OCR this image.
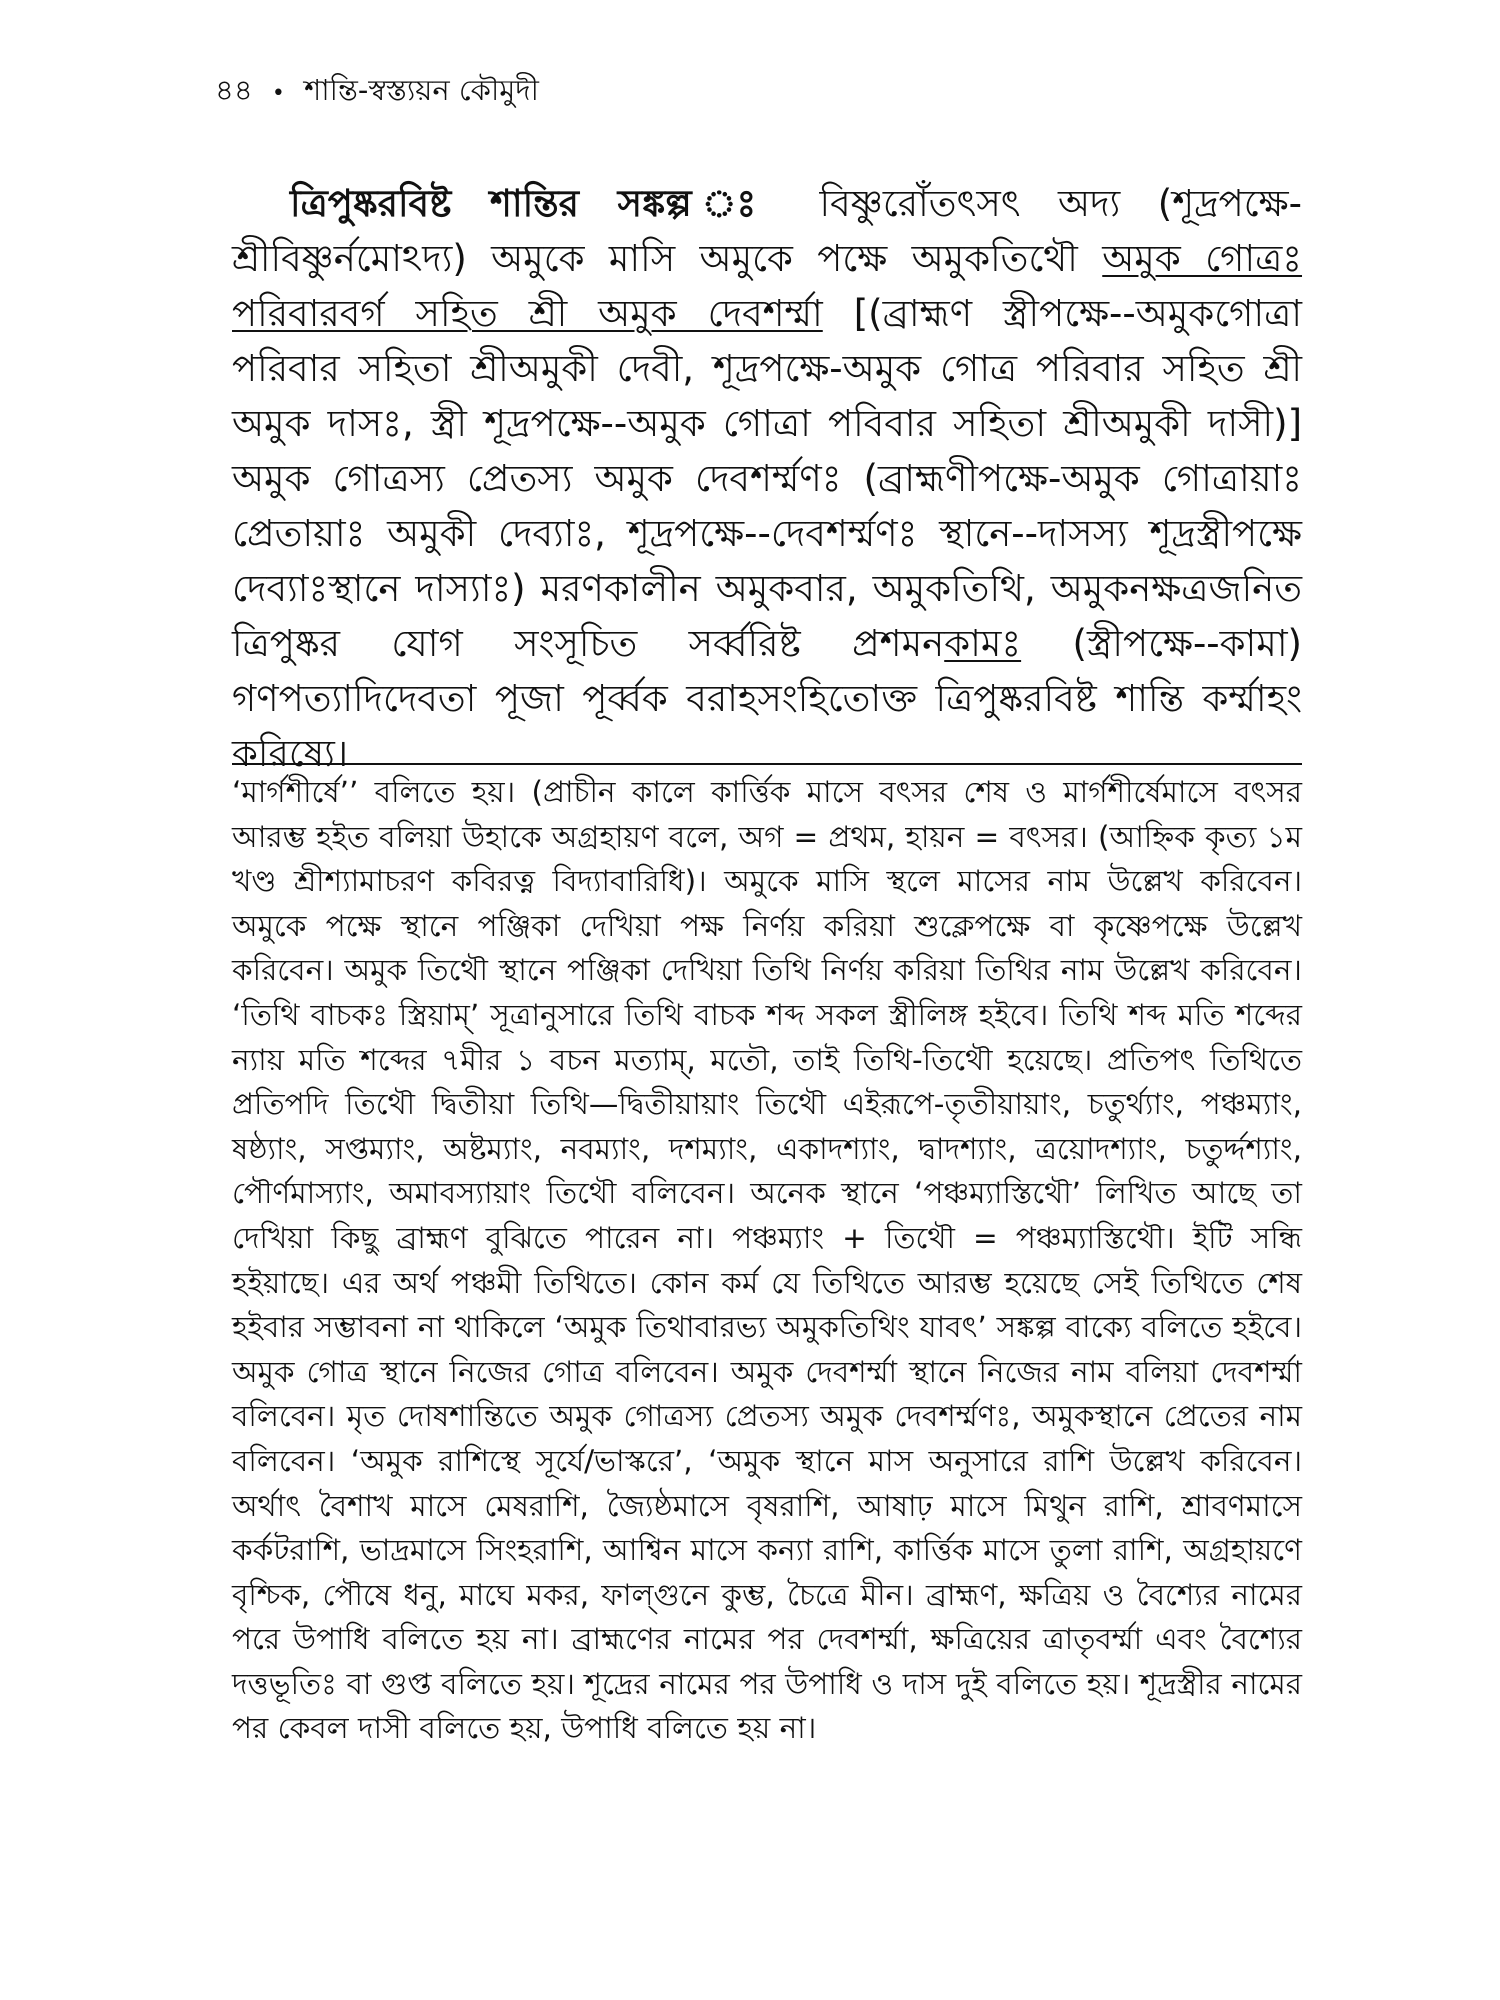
৪৪ • শান্তি-স্বস্ত্যয়ন কৌমুদী

ত্রিপুষ্করবিষ্ট শান্তির সঙ্কল্প ঃ বিষ্ণুরোঁতৎসৎ অদ্য (শূদ্রপক্ষে-শ্রীবিষ্ণুর্নমোঽদ্য) অমুকে মাসি অমুকে পক্ষে অমুকতিথৌ অমুক গোত্রঃ পরিবারবর্গ সহিত শ্রী অমুক দেবশর্ম্মা [(ব্রাহ্মণ স্ত্রীপক্ষে--অমুকগোত্রা পরিবার সহিতা শ্রীঅমুকী দেবী, শূদ্রপক্ষে-অমুক গোত্র পরিবার সহিত শ্রী অমুক দাসঃ, স্ত্রী শূদ্রপক্ষে--অমুক গোত্রা পবিবার সহিতা শ্রীঅমুকী দাসী)] অমুক গোত্রস্য প্রেতস্য অমুক দেবশর্ম্মণঃ (ব্রাহ্মণীপক্ষে-অমুক গোত্রায়াঃ প্রেতায়াঃ অমুকী দেব্যাঃ, শূদ্রপক্ষে--দেবশর্ম্মণঃ স্থানে--দাসস্য শূদ্রস্ত্রীপক্ষে দেব্যাঃস্থানে দাস্যাঃ) মরণকালীন অমুকবার, অমুকতিথি, অমুকনক্ষত্রজনিত ত্রিপুষ্কর যোগ সংসূচিত সর্ব্বরিষ্ট প্রশমনকামঃ (স্ত্রীপক্ষে--কামা) গণপত্যাদিদেবতা পূজা পূর্ব্বক বরাহসংহিতোক্ত ত্রিপুষ্করবিষ্ট শান্তি কর্ম্মাহং করিষ্যে।

‘মার্গশীর্ষে’’ বলিতে হয়। (প্রাচীন কালে কার্ত্তিক মাসে বৎসর শেষ ও মার্গশীর্ষেমাসে বৎসর আরম্ভ হইত বলিয়া উহাকে অগ্রহায়ণ বলে, অগ = প্রথম, হায়ন = বৎসর। (আহ্নিক কৃত্য ১ম খণ্ড শ্রীশ্যামাচরণ কবিরত্ন বিদ্যাবারিধি)। অমুকে মাসি স্থলে মাসের নাম উল্লেখ করিবেন। অমুকে পক্ষে স্থানে পঞ্জিকা দেখিয়া পক্ষ নির্ণয় করিয়া শুক্লেপক্ষে বা কৃষ্ণেপক্ষে উল্লেখ করিবেন। অমুক তিথৌ স্থানে পঞ্জিকা দেখিয়া তিথি নির্ণয় করিয়া তিথির নাম উল্লেখ করিবেন। ‘তিথি বাচকঃ স্ত্রিয়াম্’ সূত্রানুসারে তিথি বাচক শব্দ সকল স্ত্রীলিঙ্গ হইবে। তিথি শব্দ মতি শব্দের ন্যায় মতি শব্দের ৭মীর ১ বচন মত্যাম্, মতৌ, তাই তিথি-তিথৌ হয়েছে। প্রতিপৎ তিথিতে প্রতিপদি তিথৌ দ্বিতীয়া তিথি—দ্বিতীয়ায়াং তিথৌ এইরূপে-তৃতীয়ায়াং, চতুর্থ্যাং, পঞ্চম্যাং, ষষ্ঠ্যাং, সপ্তম্যাং, অষ্টম্যাং, নবম্যাং, দশম্যাং, একাদশ্যাং, দ্বাদশ্যাং, ত্রয়োদশ্যাং, চতুর্দ্দশ্যাং, পৌর্ণমাস্যাং, অমাবস্যায়াং তিথৌ বলিবেন। অনেক স্থানে ‘পঞ্চম্যাস্তিথৌ’ লিখিত আছে তা দেখিয়া কিছু ব্রাহ্মণ বুঝিতে পারেন না। পঞ্চম্যাং + তিথৌ = পঞ্চম্যাস্তিথৌ। ইটি সন্ধি হইয়াছে। এর অর্থ পঞ্চমী তিথিতে। কোন কর্ম যে তিথিতে আরম্ভ হয়েছে সেই তিথিতে শেষ হইবার সম্ভাবনা না থাকিলে ‘অমুক তিথাবারভ্য অমুকতিথিং যাবৎ’ সঙ্কল্প বাক্যে বলিতে হইবে। অমুক গোত্র স্থানে নিজের গোত্র বলিবেন। অমুক দেবশর্ম্মা স্থানে নিজের নাম বলিয়া দেবশর্ম্মা বলিবেন। মৃত দোষশান্তিতে অমুক গোত্রস্য প্রেতস্য অমুক দেবশর্ম্মণঃ, অমুকস্থানে প্রেতের নাম বলিবেন। ‘অমুক রাশিস্থে সূর্যে/ভাস্করে’, ‘অমুক স্থানে মাস অনুসারে রাশি উল্লেখ করিবেন। অর্থাৎ বৈশাখ মাসে মেষরাশি, জ্যৈষ্ঠমাসে বৃষরাশি, আষাঢ় মাসে মিথুন রাশি, শ্রাবণমাসে কর্কটরাশি, ভাদ্রমাসে সিংহরাশি, আশ্বিন মাসে কন্যা রাশি, কার্ত্তিক মাসে তুলা রাশি, অগ্রহায়ণে বৃশ্চিক, পৌষে ধনু, মাঘে মকর, ফাল্গুনে কুম্ভ, চৈত্রে মীন। ব্রাহ্মণ, ক্ষত্রিয় ও বৈশ্যের নামের পরে উপাধি বলিতে হয় না। ব্রাহ্মণের নামের পর দেবশর্ম্মা, ক্ষত্রিয়ের ত্রাতৃবর্ম্মা এবং বৈশ্যের দত্তভূতিঃ বা গুপ্ত বলিতে হয়। শূদ্রের নামের পর উপাধি ও দাস দুই বলিতে হয়। শূদ্রস্ত্রীর নামের পর কেবল দাসী বলিতে হয়, উপাধি বলিতে হয় না।
